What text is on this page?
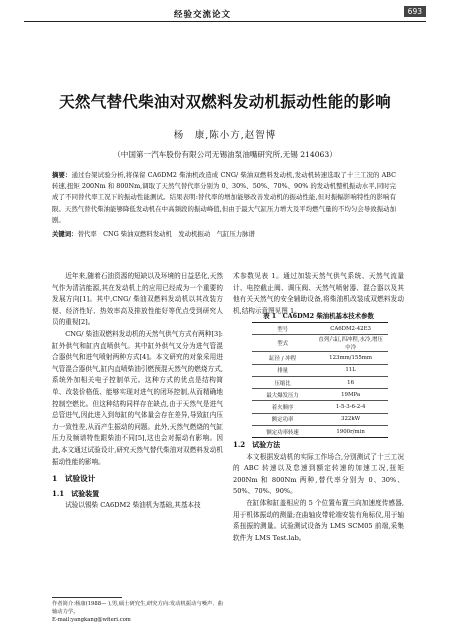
经验交流论文	693
天然气替代柴油对双燃料发动机振动性能的影响
杨　康,陈小方,赵智博
（中国第一汽车股份有限公司无锡油泵油嘴研究所,无锡 214063）
摘要：通过台架试验分析,将保留 CA6DM2 柴油机改造成 CNG/ 柴油双燃料发动机,发动机转速选取了十三工况的 ABC 转速,扭矩 200Nm 和 800Nm,调取了天然气替代率分别为 0、30%、50%、70%、90% 的发动机整机振动水平,同时完成了不同替代率工况下的振动性能测试。结果表明:替代率的增加能够改善发动机的振动性能,但对振幅影响特性的影响有限。天然气替代柴油能够降低发动机在中高频段的振动峰值,但由于最大气缸压力增大及平均燃气量的不均匀会导致振动加剧。
关键词：替代率　CNG 柴油双燃料发动机　发动机振动　气缸压力脉谱

近年来,随着石油资源的短缺以及环境的日益恶化,天然气作为清洁能源,其在发动机上的应用已经成为一个重要的发展方向[1]。其中,CNG/ 柴油双燃料发动机以其改装方便、经济性好、热效率高及排放性能好等优点受到研究人员的重视[2]。

CNG/ 柴油双燃料发动机的天然气供气方式有两种[3]:缸外供气和缸内直喷供气。其中缸外供气又分为进气管混合器供气和进气喷射两种方式[4]。本文研究的对象采用进气管混合器供气,缸内直喷柴油引燃预混天然气的燃烧方式,系统外加相关电子控制单元。这种方式的优点是结构简单、改装价格低、能够实现对进气的闭环控制,从而精确地控制空燃比。但这种结构同样存在缺点,由于天然气是进气总管进气,因此进入到每缸的气体量会存在差异,导致缸内压力一致性差,从而产生振动的问题。此外,天然气燃烧的气缸压力及频谱特性跟柴油不同[5],这也会对振动有影响。因此,本文通过试验设计,研究天然气替代柴油对双燃料发动机振动性能的影响。

1　试验设计
1.1　试验装置

试验以锡柴 CA6DM2 柴油机为基础,其基本技

作者简介:杨康(1988— ),男,硕士研究生,研究方向:发动机振动与噪声、曲轴动力学。
E-mail:yangkang@wfieri.com

术参数见表 1。通过加装天然气供气系统、天然气流量计、电控截止阀、调压阀、天然气喷射器、混合器以及其他有关天然气的安全辅助设备,将柴油机改装成双燃料发动机,结构示意图见图 1。

表 1　CA6DM2 柴油机基本技术参数
型号	CA6DM2-42E3
型式	直列六缸,四冲程,水冷,增压中冷
缸径 / 冲程	123mm/155mm
排量	11L
压缩比	16
最大爆发压力	19MPa
着火顺序	1-5-3-6-2-4
额定功率	322kW
额定功率转速	1900r/min
1.2　试验方法

本文根据发动机的实际工作场合,分别测试了十三工况的 ABC 转速以及怠速到额定转速的加速工况,扭矩 200Nm 和 800Nm 两种,替代率分别为 0、30%、50%、70%、90%。

在缸体和缸盖相应的 5 个位置布置三向加速度传感器,用于机体振动的测量;在曲轴皮带轮端安装有角标仪,用于轴系扭振的测量。试验测试设备为 LMS SCM05 前端,采集软件为 LMS Test.lab。
